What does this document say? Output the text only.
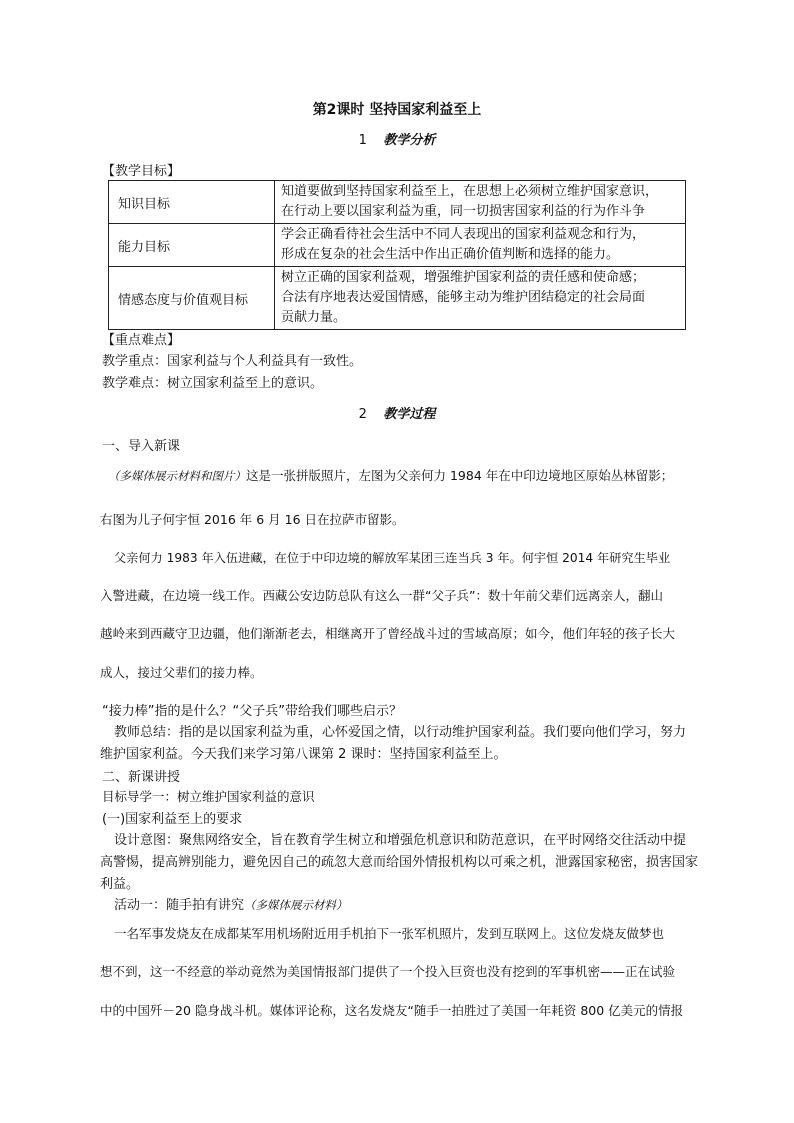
第2课时 坚持国家利益至上
1 教学分析
【教学目标】
知识目标	知道要做到坚持国家利益至上，在思想上必须树立维护国家意识，
在行动上要以国家利益为重，同一切损害国家利益的行为作斗争

能力目标	学会正确看待社会生活中不同人表现出的国家利益观念和行为，
形成在复杂的社会生活中作出正确价值判断和选择的能力。

情感态度与价值观目标	树立正确的国家利益观，增强维护国家利益的责任感和使命感；
合法有序地表达爱国情感，能够主动为维护团结稳定的社会局面
贡献力量。
【重点难点】
教学重点：国家利益与个人利益具有一致性。
教学难点：树立国家利益至上的意识。
2 教学过程
一、导入新课
（多媒体展示材料和图片）这是一张拼版照片，左图为父亲何力 1984 年在中印边境地区原始丛林留影；
右图为儿子何宇恒 2016 年 6 月 16 日在拉萨市留影。
父亲何力 1983 年入伍进藏，在位于中印边境的解放军某团三连当兵 3 年。何宇恒 2014 年研究生毕业
入警进藏，在边境一线工作。西藏公安边防总队有这么一群“父子兵”：数十年前父辈们远离亲人，翻山
越岭来到西藏守卫边疆，他们渐渐老去，相继离开了曾经战斗过的雪域高原；如今，他们年轻的孩子长大
成人，接过父辈们的接力棒。
“接力棒”指的是什么？“父子兵”带给我们哪些启示？
教师总结：指的是以国家利益为重，心怀爱国之情，以行动维护国家利益。我们要向他们学习，努力
维护国家利益。今天我们来学习第八课第 2 课时：坚持国家利益至上。
二、新课讲授
目标导学一：树立维护国家利益的意识
(一)国家利益至上的要求
设计意图：聚焦网络安全，旨在教育学生树立和增强危机意识和防范意识，在平时网络交往活动中提
高警惕，提高辨别能力，避免因自己的疏忽大意而给国外情报机构以可乘之机，泄露国家秘密，损害国家
利益。
活动一：随手拍有讲究（多媒体展示材料）
一名军事发烧友在成都某军用机场附近用手机拍下一张军机照片，发到互联网上。这位发烧友做梦也
想不到，这一不经意的举动竟然为美国情报部门提供了一个投入巨资也没有挖到的军事机密——正在试验
中的中国歼－20 隐身战斗机。媒体评论称，这名发烧友“随手一拍胜过了美国一年耗资 800 亿美元的情报
